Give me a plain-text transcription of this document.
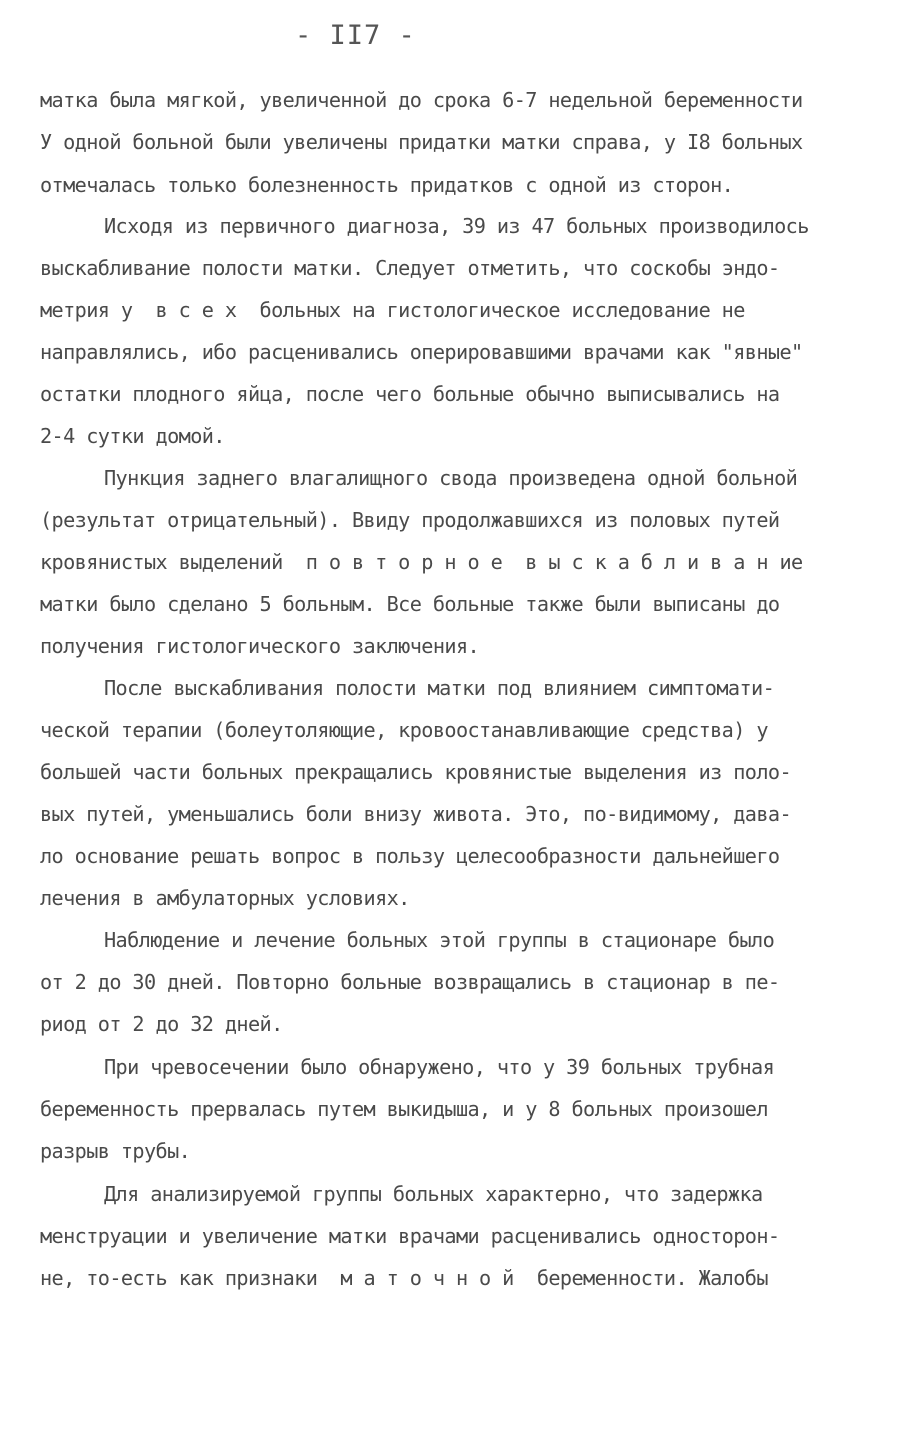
- II7 -
матка была мягкой, увеличенной до срока 6-7 недельной беременности
У одной больной были увеличены придатки матки справа, у I8 больных
отмечалась только болезненность придатков с одной из сторон.
Исходя из первичного диагноза, 39 из 47 больных производилось
выскабливание полости матки. Следует отметить, что соскобы эндо-
метрия у  в с е х  больных на гистологическое исследование не
направлялись, ибо расценивались оперировавшими врачами как "явные"
остатки плодного яйца, после чего больные обычно выписывались на
2-4 сутки домой.
Пункция заднего влагалищного свода произведена одной больной
(результат отрицательный). Ввиду продолжавшихся из половых путей
кровянистых выделений  п о в т о р н о е  в ы с к а б л и в а н ие
матки было сделано 5 больным. Все больные также были выписаны до
получения гистологического заключения.
После выскабливания полости матки под влиянием симптомати-
ческой терапии (болеутоляющие, кровоостанавливающие средства) у
большей части больных прекращались кровянистые выделения из поло-
вых путей, уменьшались боли внизу живота. Это, по-видимому, дава-
ло основание решать вопрос в пользу целесообразности дальнейшего
лечения в амбулаторных условиях.
Наблюдение и лечение больных этой группы в стационаре было
от 2 до 30 дней. Повторно больные возвращались в стационар в пе-
риод от 2 до 32 дней.
При чревосечении было обнаружено, что у 39 больных трубная
беременность прервалась путем выкидыша, и у 8 больных произошел
разрыв трубы.
Для анализируемой группы больных характерно, что задержка
менструации и увеличение матки врачами расценивались односторон-
не, то-есть как признаки  м а т о ч н о й  беременности. Жалобы
